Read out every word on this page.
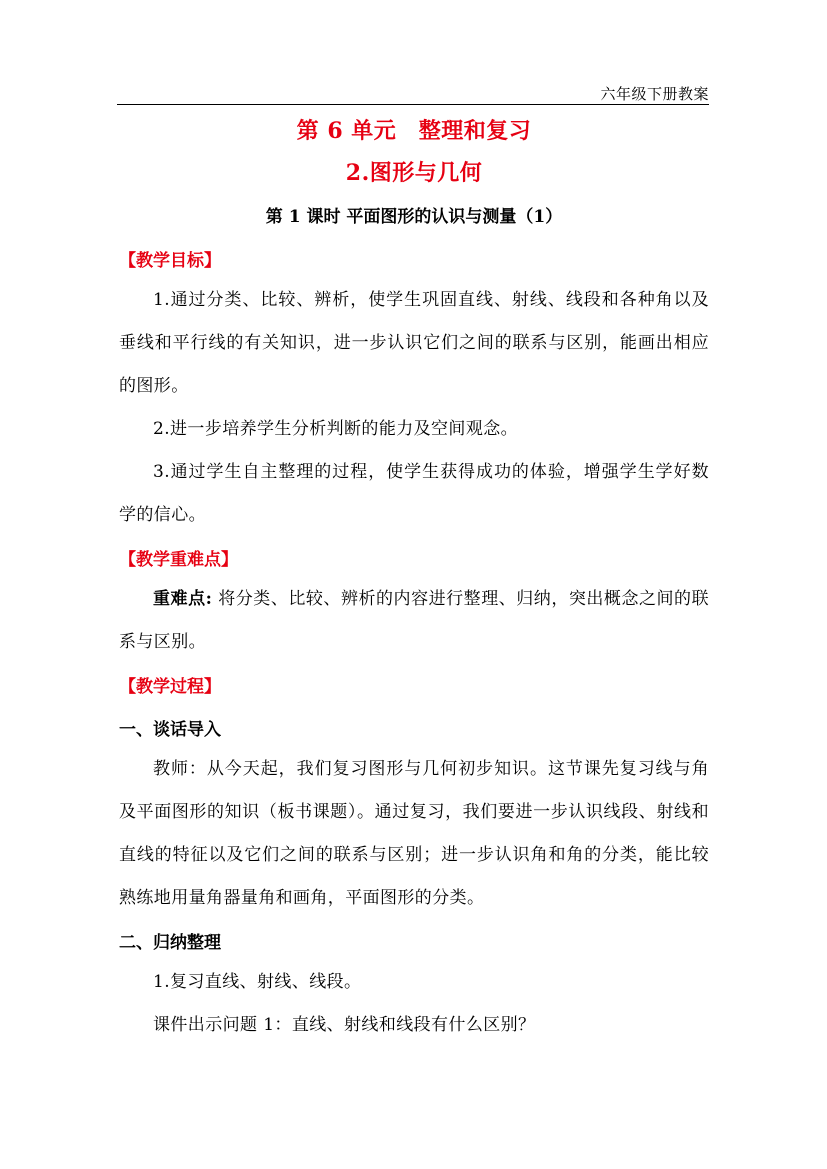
六年级下册教案
第 6 单元　整理和复习
2.图形与几何
第 1 课时 平面图形的认识与测量（1）
【教学目标】
1.通过分类、比较、辨析，使学生巩固直线、射线、线段和各种角以及垂线和平行线的有关知识，进一步认识它们之间的联系与区别，能画出相应的图形。
2.进一步培养学生分析判断的能力及空间观念。
3.通过学生自主整理的过程，使学生获得成功的体验，增强学生学好数学的信心。
【教学重难点】
重难点: 将分类、比较、辨析的内容进行整理、归纳，突出概念之间的联系与区别。
【教学过程】
一、谈话导入
教师：从今天起，我们复习图形与几何初步知识。这节课先复习线与角及平面图形的知识（板书课题）。通过复习，我们要进一步认识线段、射线和直线的特征以及它们之间的联系与区别；进一步认识角和角的分类，能比较熟练地用量角器量角和画角，平面图形的分类。
二、归纳整理
1.复习直线、射线、线段。
课件出示问题 1：直线、射线和线段有什么区别？
